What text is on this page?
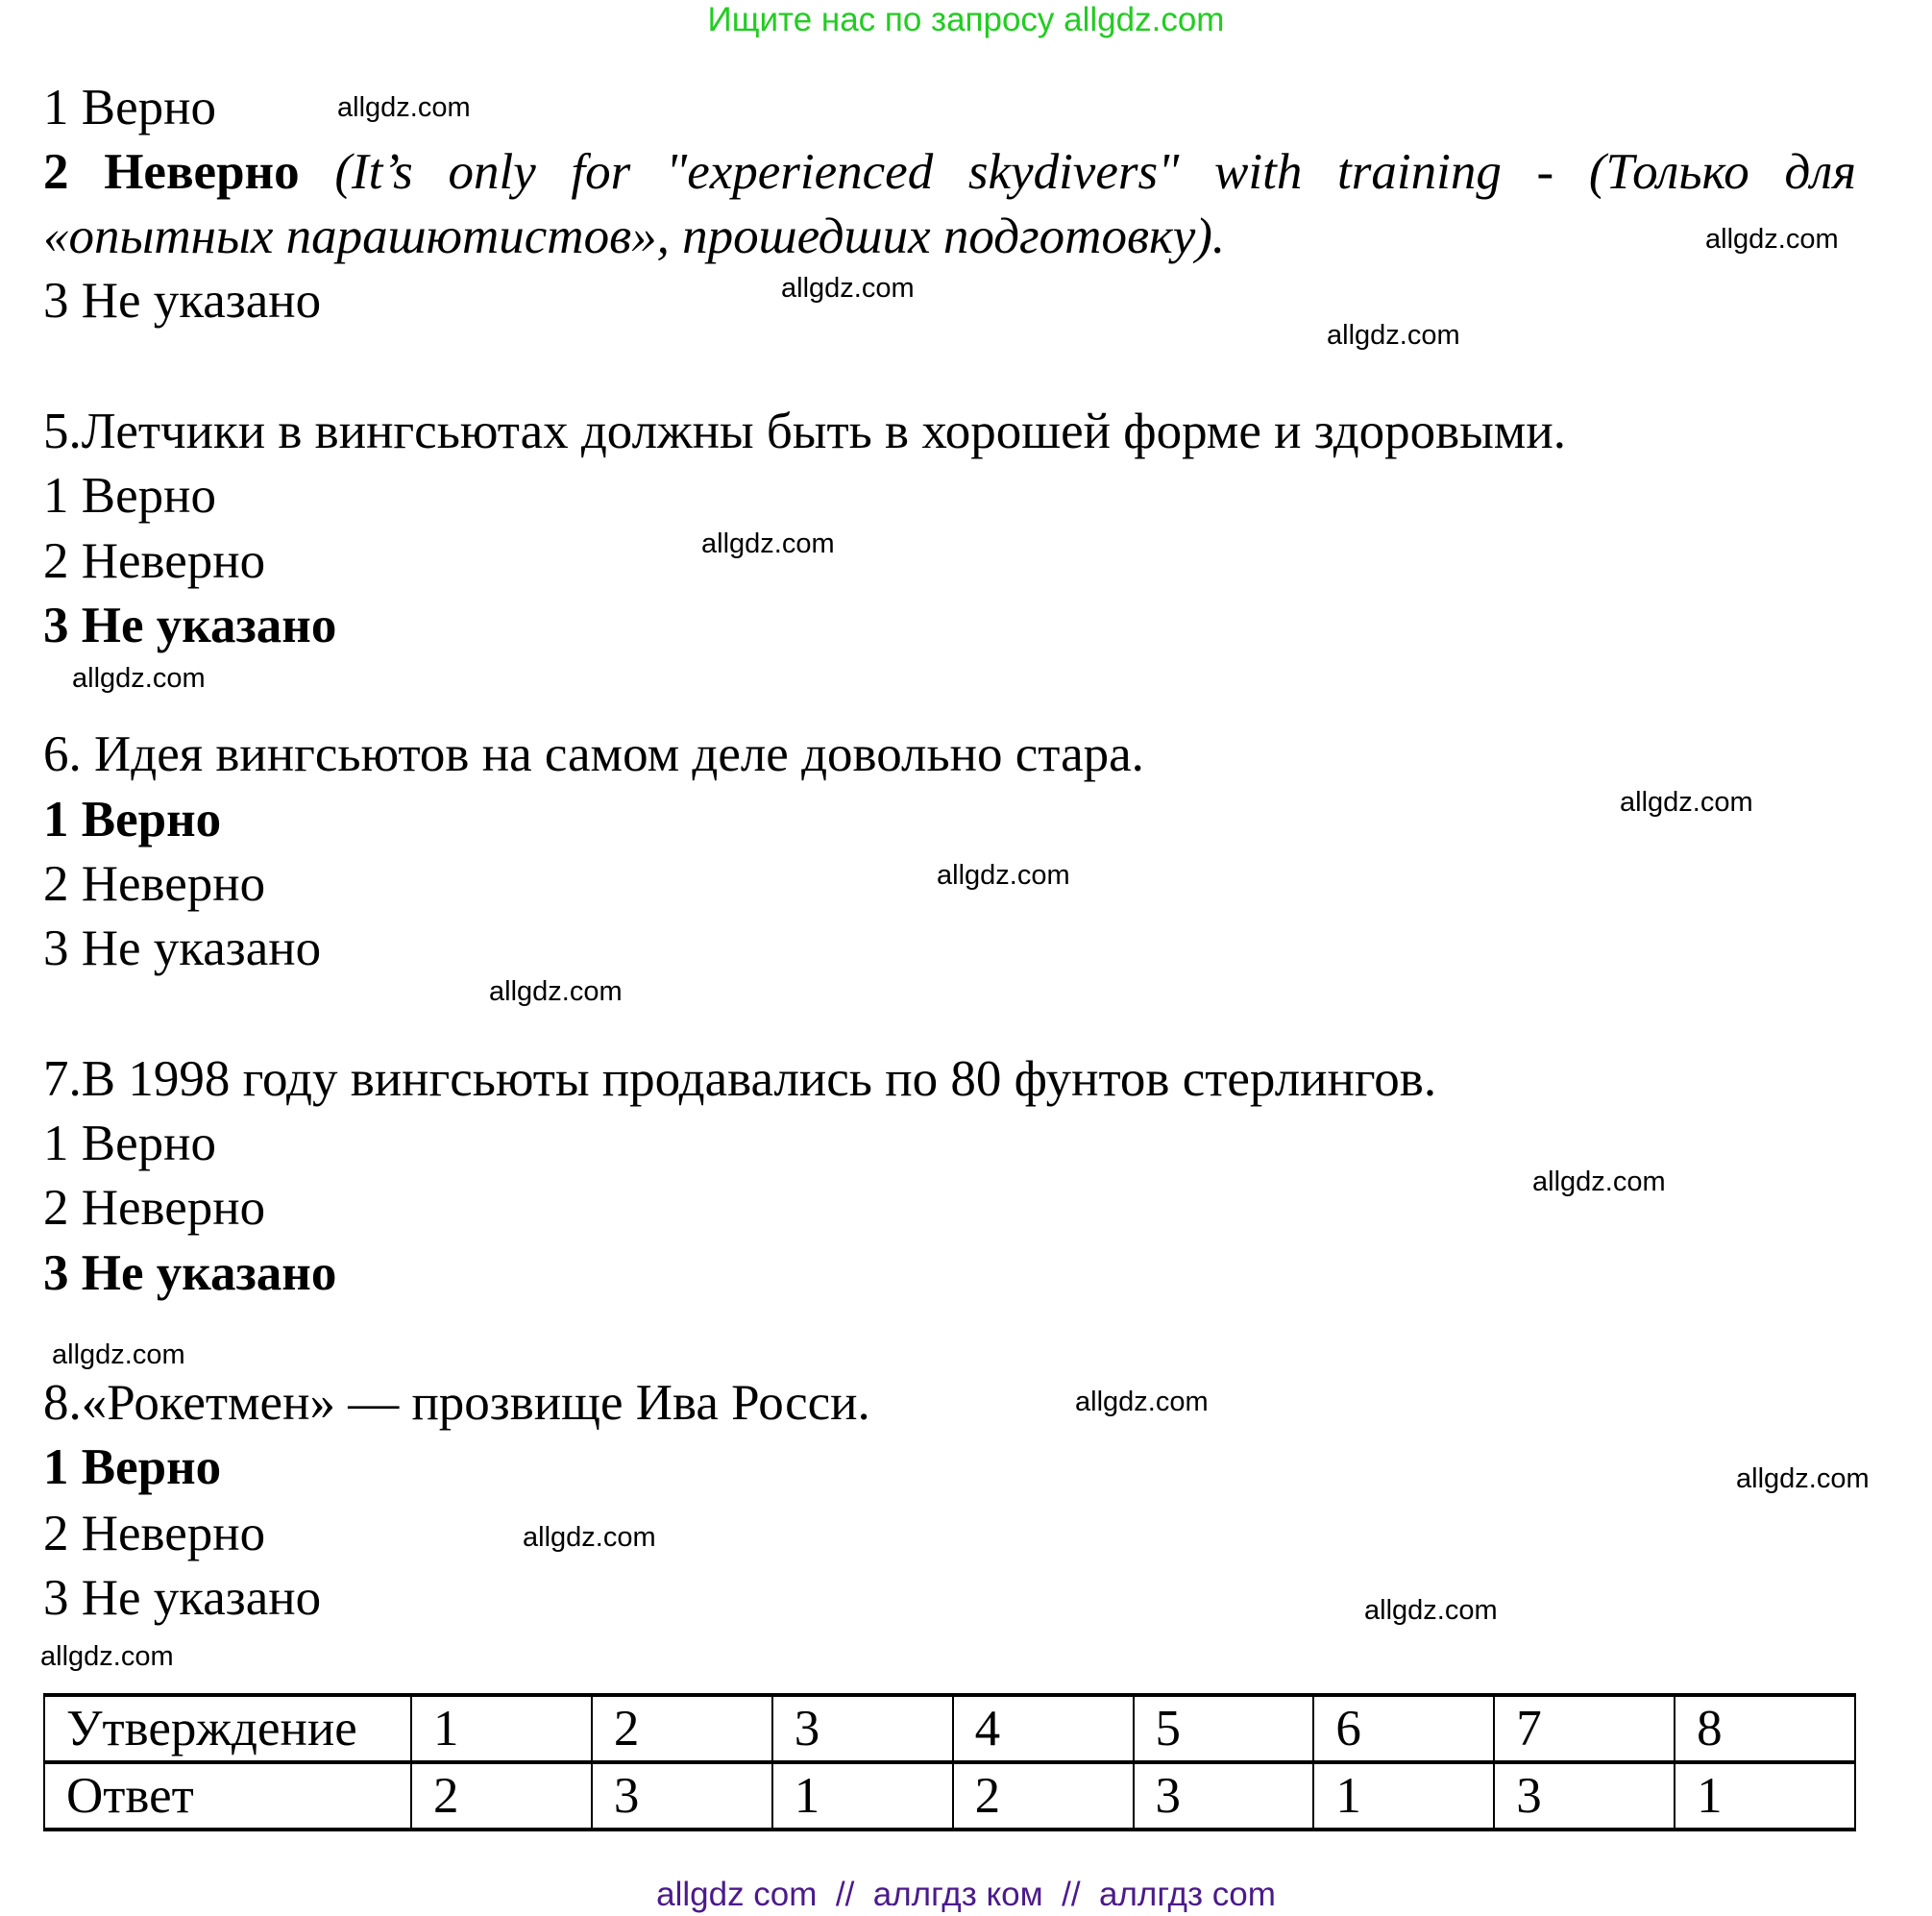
Ищите нас по запросу allgdz.com
1 Верно
2 Неверно (It’s only for "experienced skydivers" with training - (Только для
«опытных парашютистов», прошедших подготовку).
3 Не указано
5.Летчики в вингсьютах должны быть в хорошей форме и здоровыми.
1 Верно
2 Неверно
3 Не указано
6. Идея вингсьютов на самом деле довольно стара.
1 Верно
2 Неверно
3 Не указано
7.В 1998 году вингсьюты продавались по 80 фунтов стерлингов.
1 Верно
2 Неверно
3 Не указано
8.«Рокетмен» — прозвище Ива Росси.
1 Верно
2 Неверно
3 Не указано
allgdz.com
allgdz.com
allgdz.com
allgdz.com
allgdz.com
allgdz.com
allgdz.com
allgdz.com
allgdz.com
allgdz.com
allgdz.com
allgdz.com
allgdz.com
allgdz.com
allgdz.com
allgdz.com
Утверждение	1	2	3	4	5	6	7	8
Ответ	2	3	1	2	3	1	3	1
allgdz com  //  аллгдз ком  //  аллгдз com
